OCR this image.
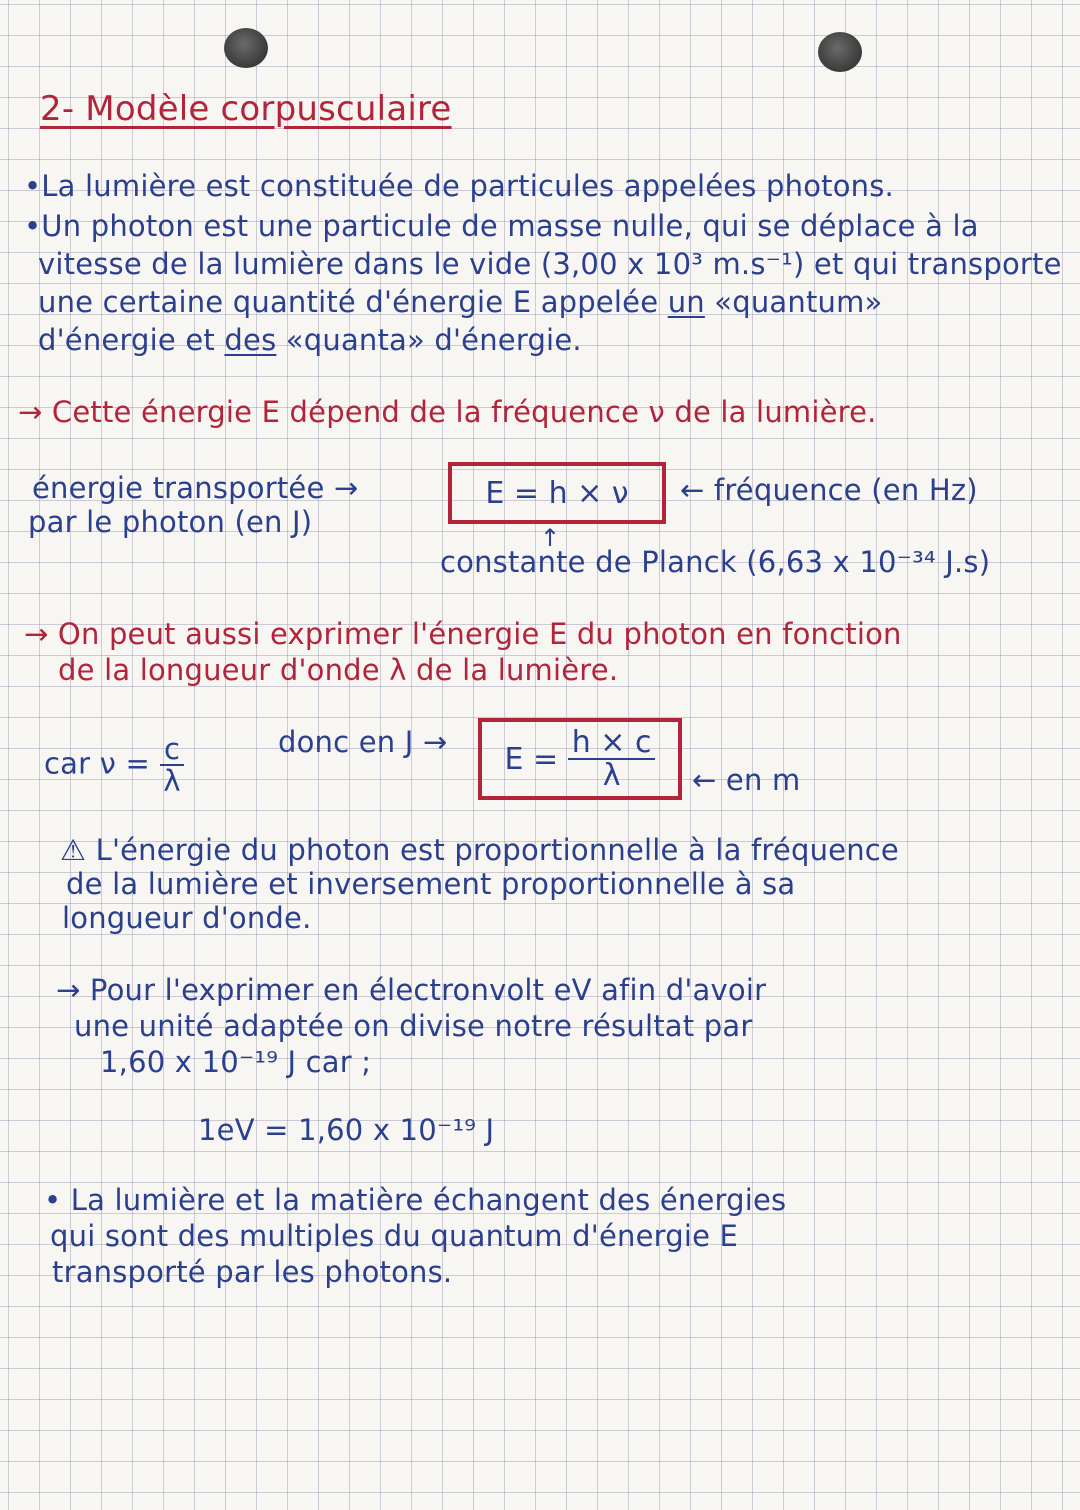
2- Modèle corpusculaire
•La lumière est constituée de particules appelées photons.
•Un photon est une particule de masse nulle, qui se déplace à la
vitesse de la lumière dans le vide (3,00 x 10³ m.s⁻¹) et qui transporte
une certaine quantité d'énergie E appelée un «quantum»
d'énergie et des «quanta» d'énergie.
→ Cette énergie E dépend de la fréquence ν de la lumière.
énergie transportée →
par le photon (en J)
E = h × ν	← fréquence (en Hz)
↑
constante de Planck (6,63 x 10⁻³⁴ J.s)
→ On peut aussi exprimer l'énergie E du photon en fonction
de la longueur d'onde λ de la lumière.
car $\nu = \frac{c}{\lambda}$	donc en J → E =
$\frac{h \times c}{\lambda}$ ← en m
⚠ L'énergie du photon est proportionnelle à la fréquence
de la lumière et inversement proportionnelle à sa
longueur d'onde.
→ Pour l'exprimer en électronvolt eV afin d'avoir
une unité adaptée on divise notre résultat par
1,60 x 10⁻¹⁹ J car ;
1eV = 1,60 x 10⁻¹⁹ J
• La lumière et la matière échangent des énergies
qui sont des multiples du quantum d'énergie E
transporté par les photons.
